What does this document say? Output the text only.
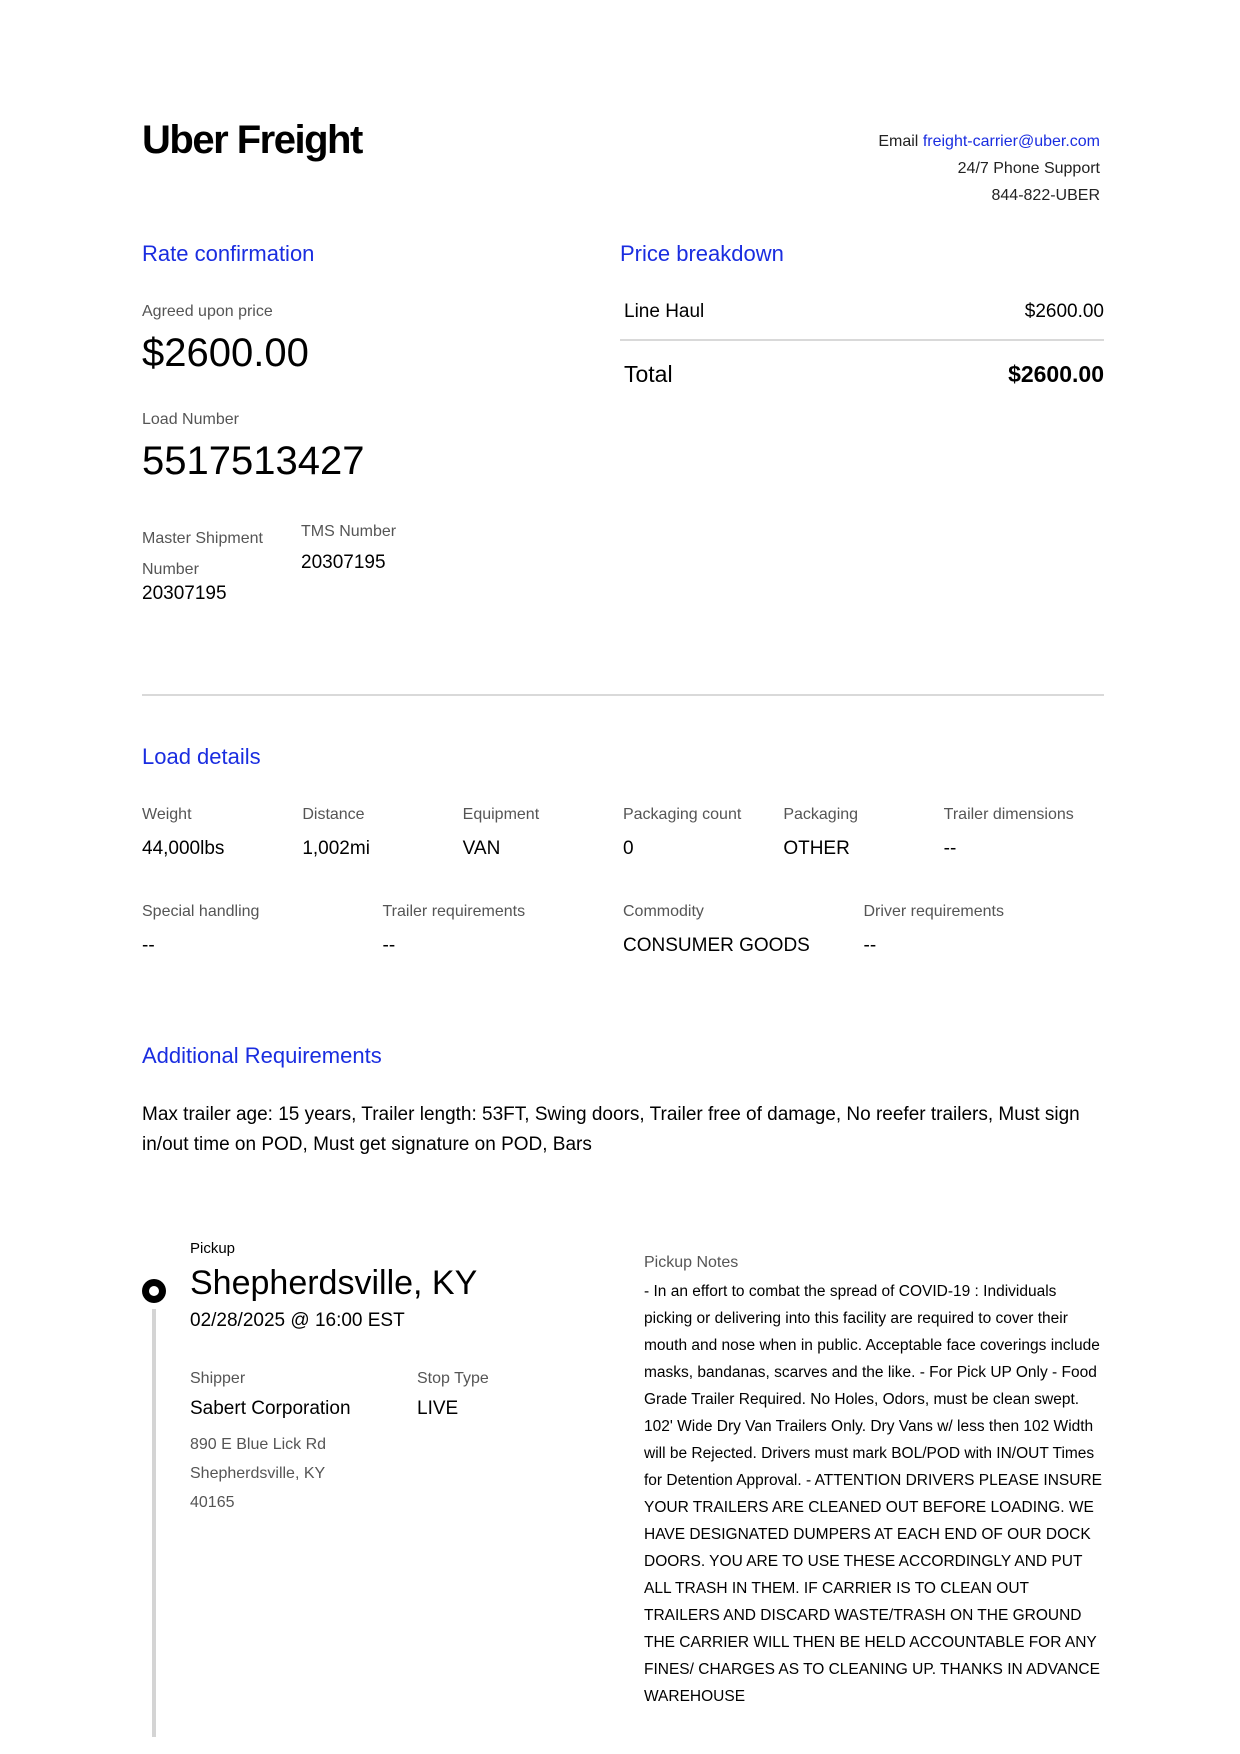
Uber Freight	Email freight-carrier@uber.com
24/7 Phone Support
844-822-UBER
Rate confirmation
Agreed upon price
$2600.00
Load Number
5517513427
Master Shipment
Number
20307195
TMS Number
20307195
Price breakdown
Line Haul	$2600.00
Total	$2600.00
Load details
Weight
44,000lbs
Distance
1,002mi
Equipment
VAN
Packaging count
0
Packaging
OTHER
Trailer dimensions
--
Special handling
--
Trailer requirements
--
Commodity
CONSUMER GOODS
Driver requirements
--
Additional Requirements
Max trailer age: 15 years, Trailer length: 53FT, Swing doors, Trailer free of damage, No reefer trailers, Must sign in/out time on POD, Must get signature on POD, Bars
Pickup
Shepherdsville, KY
02/28/2025 @ 16:00 EST
Shipper
Sabert Corporation
890 E Blue Lick Rd
Shepherdsville, KY
40165
Stop Type
LIVE
Pickup Notes
- In an effort to combat the spread of COVID-19 : Individuals picking or delivering into this facility are required to cover their mouth and nose when in public. Acceptable face coverings include masks, bandanas, scarves and the like. - For Pick UP Only - Food Grade Trailer Required. No Holes, Odors, must be clean swept. 102' Wide Dry Van Trailers Only. Dry Vans w/ less then 102 Width will be Rejected. Drivers must mark BOL/POD with IN/OUT Times for Detention Approval. - ATTENTION DRIVERS PLEASE INSURE YOUR TRAILERS ARE CLEANED OUT BEFORE LOADING. WE HAVE DESIGNATED DUMPERS AT EACH END OF OUR DOCK DOORS. YOU ARE TO USE THESE ACCORDINGLY AND PUT ALL TRASH IN THEM. IF CARRIER IS TO CLEAN OUT TRAILERS AND DISCARD WASTE/TRASH ON THE GROUND THE CARRIER WILL THEN BE HELD ACCOUNTABLE FOR ANY FINES/ CHARGES AS TO CLEANING UP. THANKS IN ADVANCE WAREHOUSE
